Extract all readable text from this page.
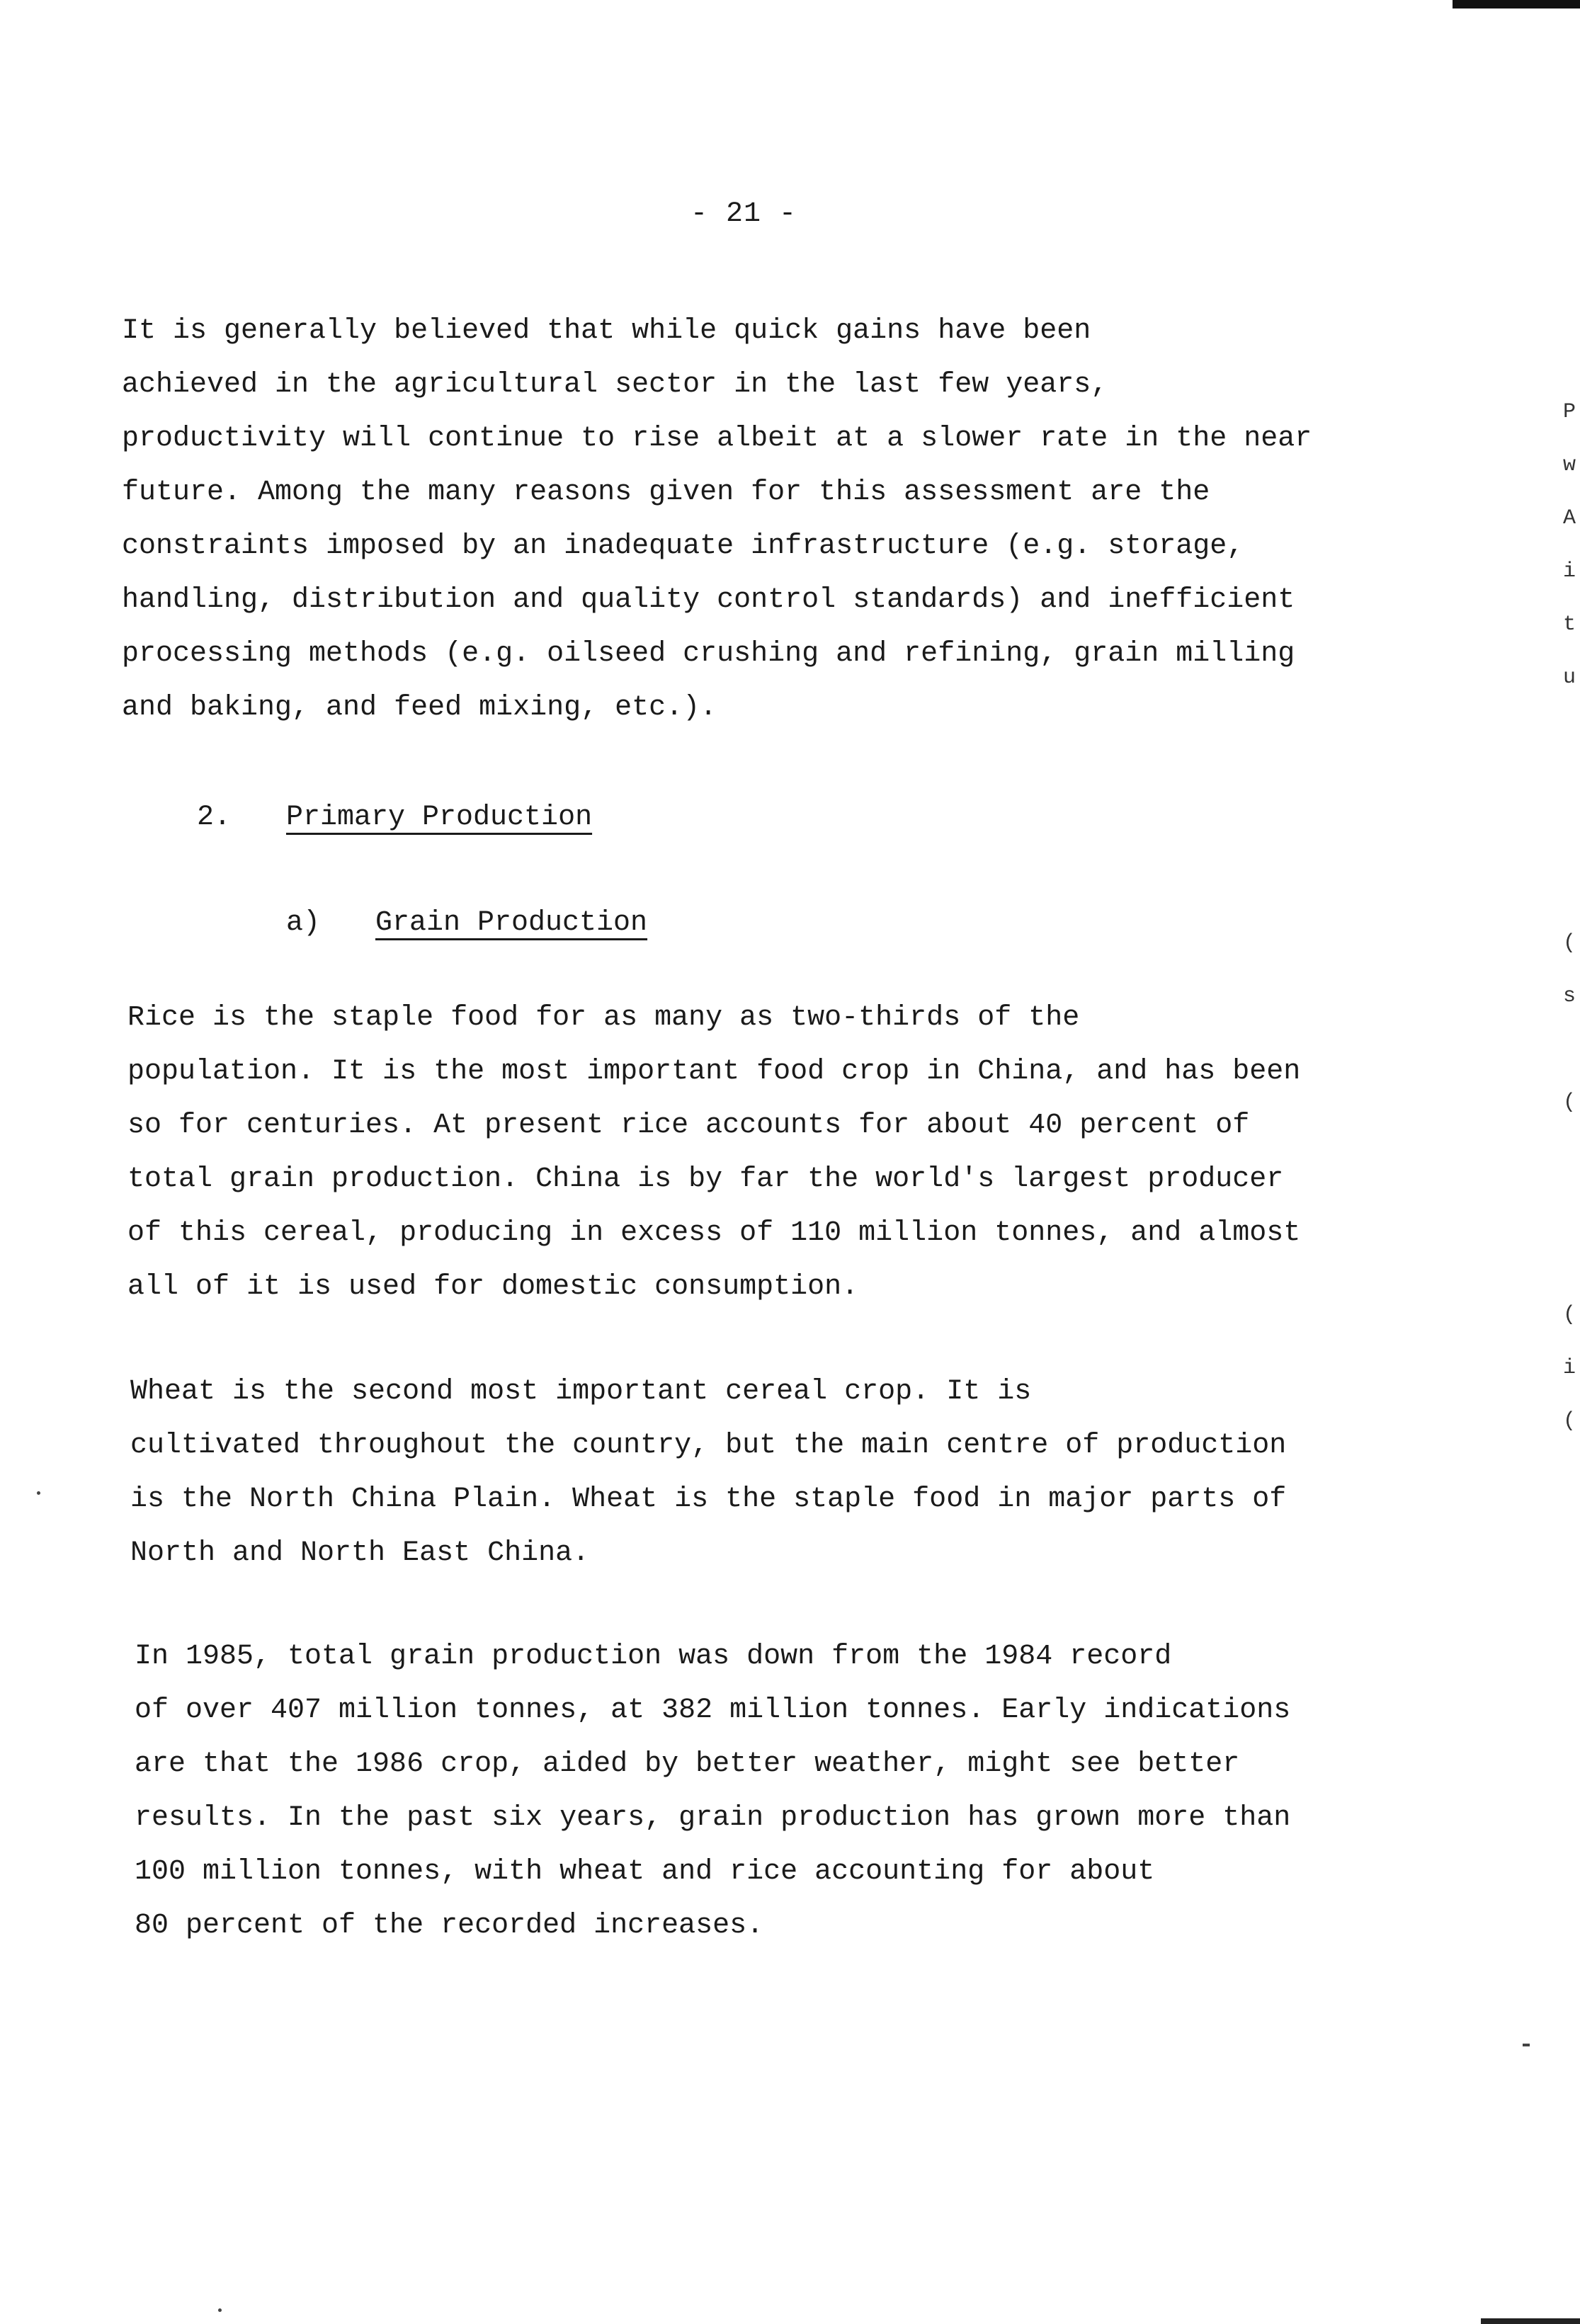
- 21 -

It is generally believed that while quick gains have been
achieved in the agricultural sector in the last few years,
productivity will continue to rise albeit at a slower rate in the near
future. Among the many reasons given for this assessment are the
constraints imposed by an inadequate infrastructure (e.g. storage,
handling, distribution and quality control standards) and inefficient
processing methods (e.g. oilseed crushing and refining, grain milling
and baking, and feed mixing, etc.).

2. Primary Production
a) Grain Production

Rice is the staple food for as many as two-thirds of the
population. It is the most important food crop in China, and has been
so for centuries. At present rice accounts for about 40 percent of
total grain production. China is by far the world's largest producer
of this cereal, producing in excess of 110 million tonnes, and almost
all of it is used for domestic consumption.

Wheat is the second most important cereal crop. It is
cultivated throughout the country, but the main centre of production
is the North China Plain. Wheat is the staple food in major parts of
North and North East China.

In 1985, total grain production was down from the 1984 record
of over 407 million tonnes, at 382 million tonnes. Early indications
are that the 1986 crop, aided by better weather, might see better
results. In the past six years, grain production has grown more than
100 million tonnes, with wheat and rice accounting for about
80 percent of the recorded increases.

P
w
A
i
t
u
(
s
(
(
i
(
